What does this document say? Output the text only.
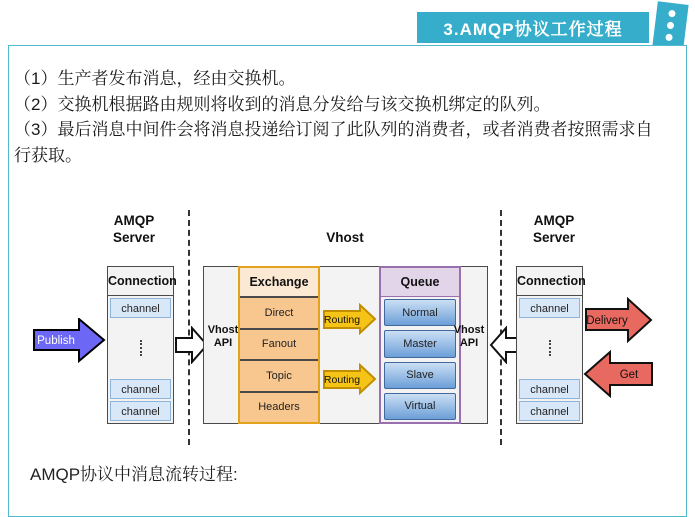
3.AMQP协议工作过程
（1）生产者发布消息，经由交换机。
（2）交换机根据路由规则将收到的消息分发给与该交换机绑定的队列。
（3）最后消息中间件会将消息投递给订阅了此队列的消费者，或者消费者按照需求自
行获取。
AMQP Server	Vhost
AMQP Server
Connection
channel
channel
channel
Publish
Vhost API
Exchange
Direct
Fanout
Topic
Headers
Routing
Routing
Queue
Normal
Master
Slave
Virtual
Vhost API
Connection
channel
channel
channel
Delivery
Get
AMQP协议中消息流转过程:
